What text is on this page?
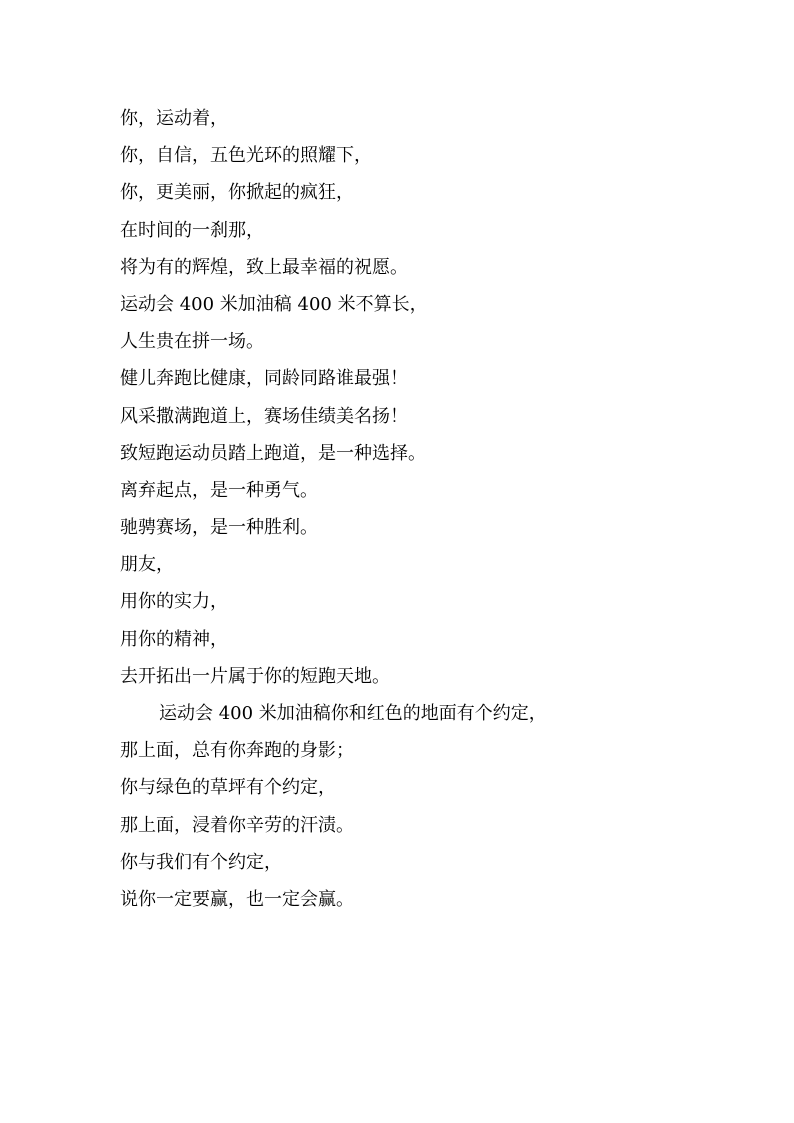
你，运动着，
你，自信，五色光环的照耀下，
你，更美丽，你掀起的疯狂，
在时间的一刹那，
将为有的辉煌，致上最幸福的祝愿。
运动会 400 米加油稿 400 米不算长，
人生贵在拼一场。
健儿奔跑比健康，同龄同路谁最强！
风采撒满跑道上，赛场佳绩美名扬！
致短跑运动员踏上跑道，是一种选择。
离弃起点，是一种勇气。
驰骋赛场，是一种胜利。
朋友，
用你的实力，
用你的精神，
去开拓出一片属于你的短跑天地。
运动会 400 米加油稿你和红色的地面有个约定，
那上面，总有你奔跑的身影；
你与绿色的草坪有个约定，
那上面，浸着你辛劳的汗渍。
你与我们有个约定，
说你一定要赢，也一定会赢。
